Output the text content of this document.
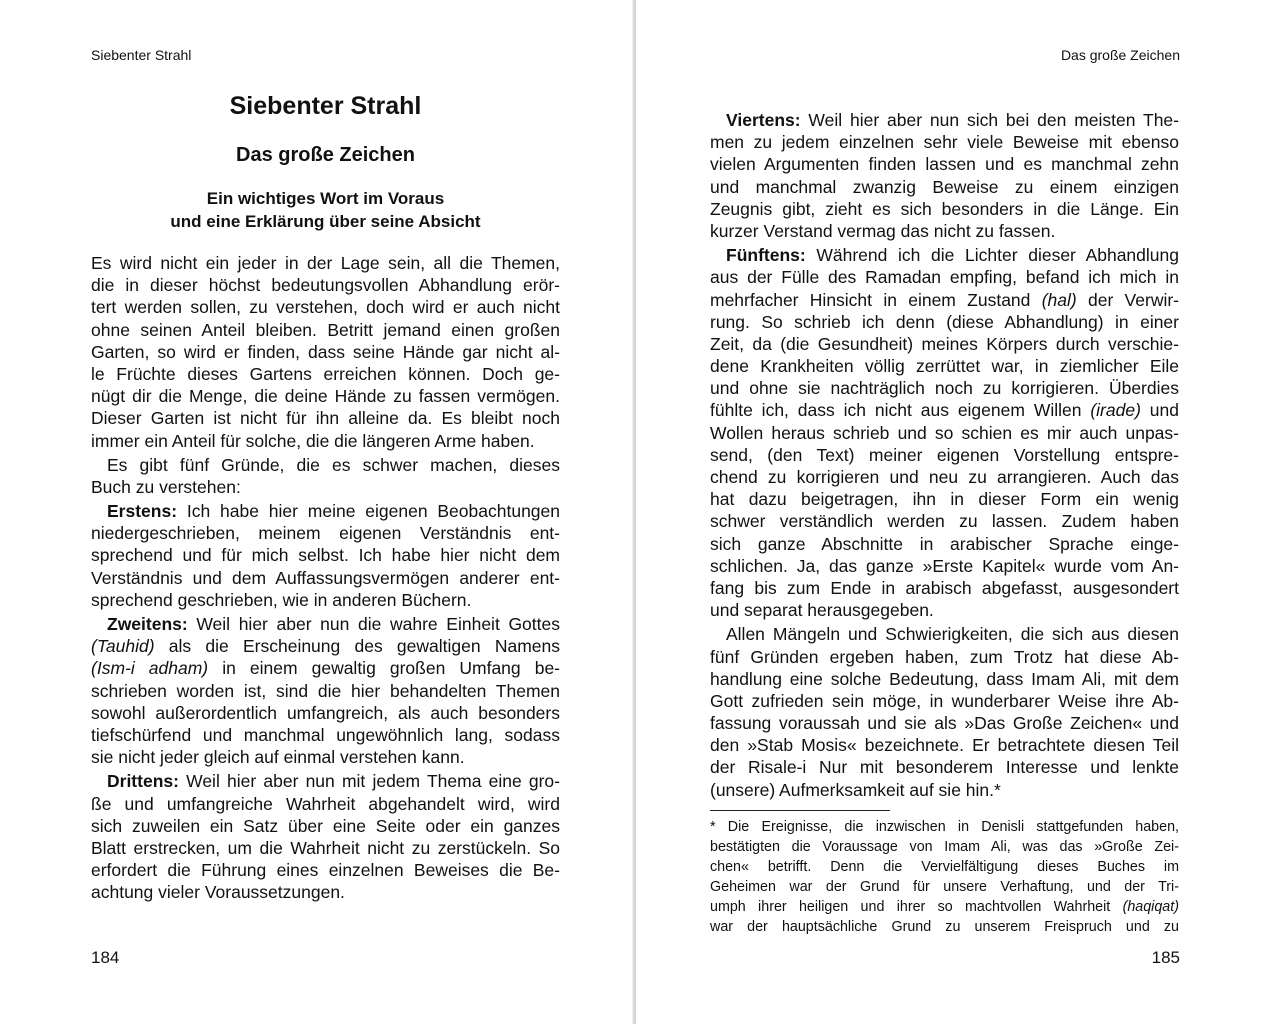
Siebenter Strahl
Siebenter Strahl
Das große Zeichen
Ein wichtiges Wort im Voraus
und eine Erklärung über seine Absicht

Es wird nicht ein jeder in der Lage sein, all die Themen,
die in dieser höchst bedeutungsvollen Abhandlung erör-
tert werden sollen, zu verstehen, doch wird er auch nicht
ohne seinen Anteil bleiben. Betritt jemand einen großen
Garten, so wird er finden, dass seine Hände gar nicht al-
le Früchte dieses Gartens erreichen können. Doch ge-
nügt dir die Menge, die deine Hände zu fassen vermögen.
Dieser Garten ist nicht für ihn alleine da. Es bleibt noch
immer ein Anteil für solche, die die längeren Arme haben.

Es gibt fünf Gründe, die es schwer machen, dieses
Buch zu verstehen:

Erstens: Ich habe hier meine eigenen Beobachtungen
niedergeschrieben, meinem eigenen Verständnis ent-
sprechend und für mich selbst. Ich habe hier nicht dem
Verständnis und dem Auffassungsvermögen anderer ent-
sprechend geschrieben, wie in anderen Büchern.

Zweitens: Weil hier aber nun die wahre Einheit Gottes
(Tauhid) als die Erscheinung des gewaltigen Namens
(Ism-i adham) in einem gewaltig großen Umfang be-
schrieben worden ist, sind die hier behandelten Themen
sowohl außerordentlich umfangreich, als auch besonders
tiefschürfend und manchmal ungewöhnlich lang, sodass
sie nicht jeder gleich auf einmal verstehen kann.

Drittens: Weil hier aber nun mit jedem Thema eine gro-
ße und umfangreiche Wahrheit abgehandelt wird, wird
sich zuweilen ein Satz über eine Seite oder ein ganzes
Blatt erstrecken, um die Wahrheit nicht zu zerstückeln. So
erfordert die Führung eines einzelnen Beweises die Be-
achtung vieler Voraussetzungen.

184
Das große Zeichen

Viertens: Weil hier aber nun sich bei den meisten The-
men zu jedem einzelnen sehr viele Beweise mit ebenso
vielen Argumenten finden lassen und es manchmal zehn
und manchmal zwanzig Beweise zu einem einzigen
Zeugnis gibt, zieht es sich besonders in die Länge. Ein
kurzer Verstand vermag das nicht zu fassen.

Fünftens: Während ich die Lichter dieser Abhandlung
aus der Fülle des Ramadan empfing, befand ich mich in
mehrfacher Hinsicht in einem Zustand (hal) der Verwir-
rung. So schrieb ich denn (diese Abhandlung) in einer
Zeit, da (die Gesundheit) meines Körpers durch verschie-
dene Krankheiten völlig zerrüttet war, in ziemlicher Eile
und ohne sie nachträglich noch zu korrigieren. Überdies
fühlte ich, dass ich nicht aus eigenem Willen (irade) und
Wollen heraus schrieb und so schien es mir auch unpas-
send, (den Text) meiner eigenen Vorstellung entspre-
chend zu korrigieren und neu zu arrangieren. Auch das
hat dazu beigetragen, ihn in dieser Form ein wenig
schwer verständlich werden zu lassen. Zudem haben
sich ganze Abschnitte in arabischer Sprache einge-
schlichen. Ja, das ganze »Erste Kapitel« wurde vom An-
fang bis zum Ende in arabisch abgefasst, ausgesondert
und separat herausgegeben.

Allen Mängeln und Schwierigkeiten, die sich aus diesen
fünf Gründen ergeben haben, zum Trotz hat diese Ab-
handlung eine solche Bedeutung, dass Imam Ali, mit dem
Gott zufrieden sein möge, in wunderbarer Weise ihre Ab-
fassung voraussah und sie als »Das Große Zeichen« und
den »Stab Mosis« bezeichnete. Er betrachtete diesen Teil
der Risale-i Nur mit besonderem Interesse und lenkte
(unsere) Aufmerksamkeit auf sie hin.*

* Die Ereignisse, die inzwischen in Denisli stattgefunden haben,
bestätigten die Voraussage von Imam Ali, was das »Große Zei-
chen« betrifft. Denn die Vervielfältigung dieses Buches im
Geheimen war der Grund für unsere Verhaftung, und der Tri-
umph ihrer heiligen und ihrer so machtvollen Wahrheit (haqiqat)
war der hauptsächliche Grund zu unserem Freispruch und zu
185
